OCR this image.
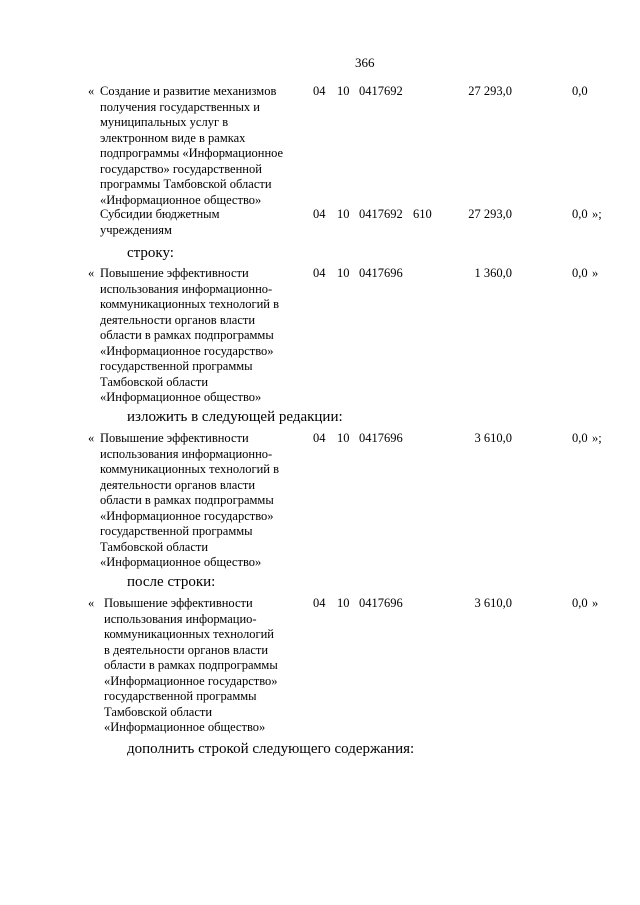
366
« Создание и развитие механизмов
получения государственных и
муниципальных услуг в
электронном виде в рамках
подпрограммы «Информационное
государство» государственной
программы Тамбовской области
«Информационное общество»
04 10 0417692	27 293,0	0,0
Субсидии бюджетным
учреждениям
04 10 0417692 610	27 293,0	0,0 »;
строку:
« Повышение эффективности
использования информационно-
коммуникационных технологий в
деятельности органов власти
области в рамках подпрограммы
«Информационное государство»
государственной программы
Тамбовской области
«Информационное общество»
04 10 0417696	1 360,0	0,0 »
изложить в следующей редакции:
« Повышение эффективности
использования информационно-
коммуникационных технологий в
деятельности органов власти
области в рамках подпрограммы
«Информационное государство»
государственной программы
Тамбовской области
«Информационное общество»
04 10 0417696	3 610,0	0,0 »;
после строки:
« Повышение эффективности
использования информацио-
коммуникационных технологий
в деятельности органов власти
области в рамках подпрограммы
«Информационное государство»
государственной программы
Тамбовской области
«Информационное общество»
04 10 0417696	3 610,0	0,0 »
дополнить строкой следующего содержания:
